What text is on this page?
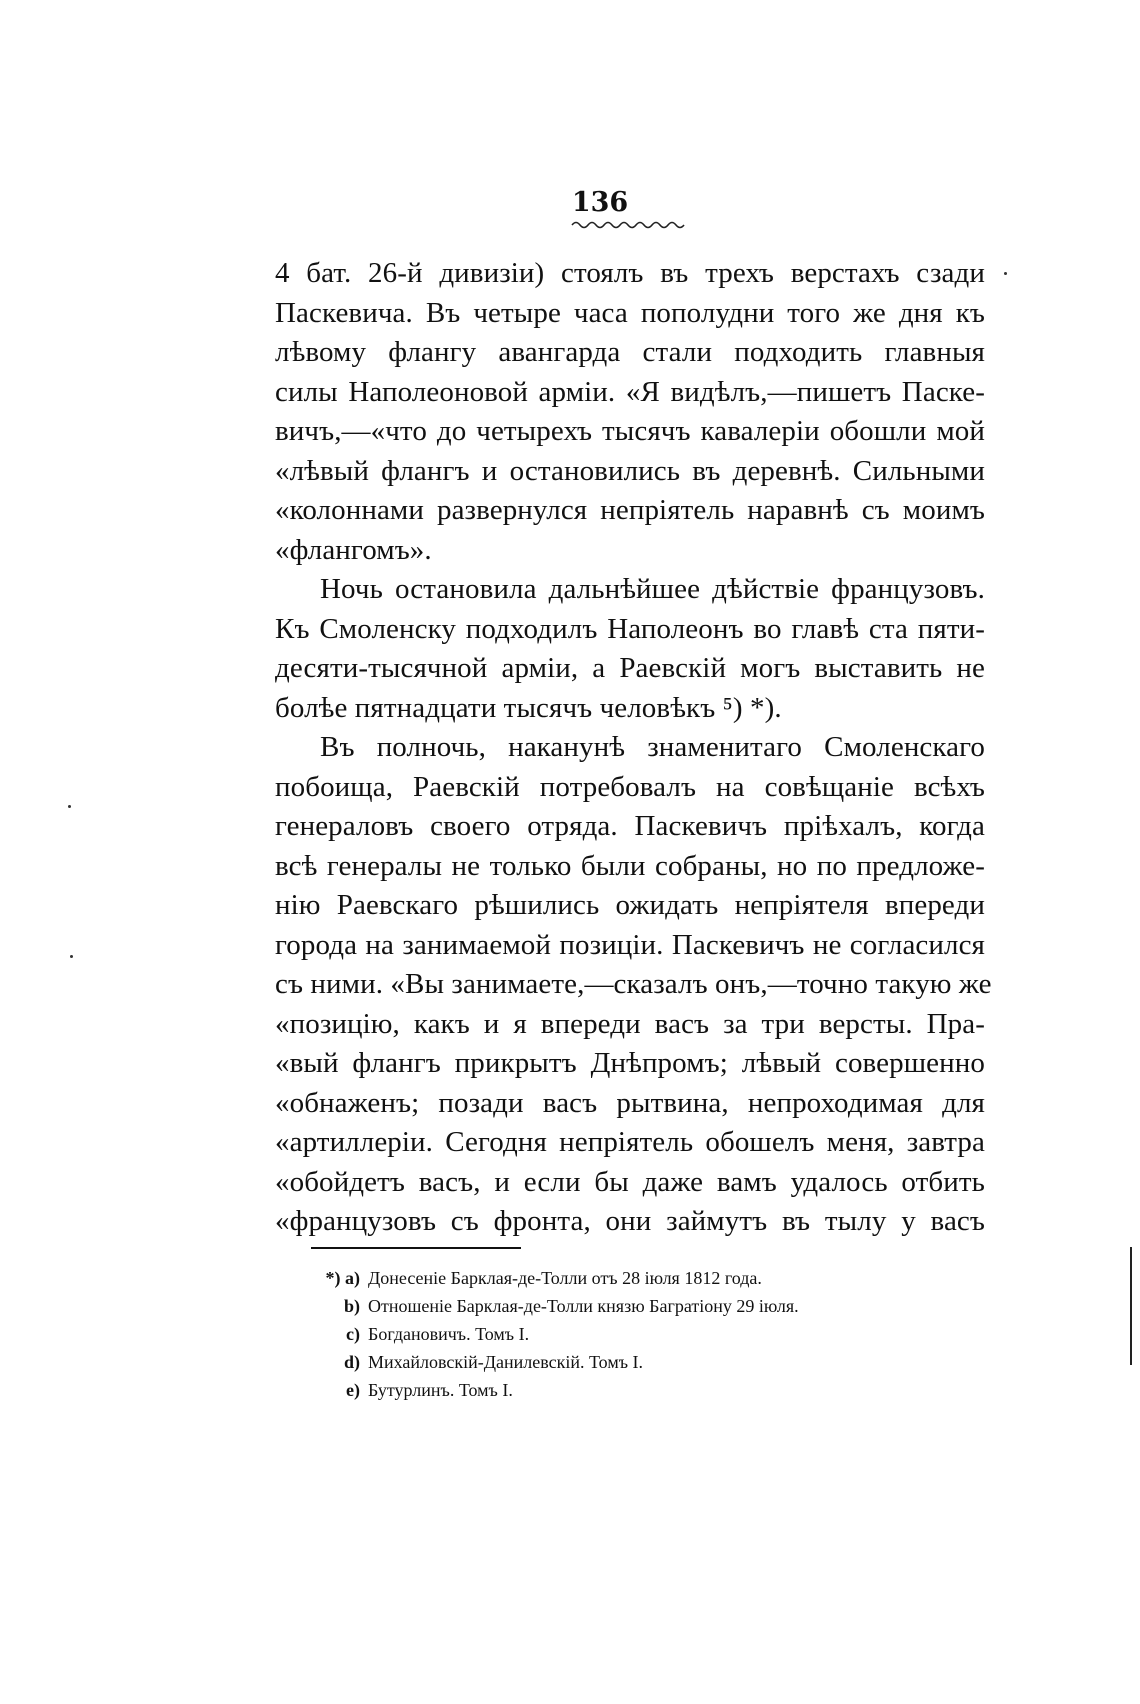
136
4 бат. 26-й дивизіи) стоялъ въ трехъ верстахъ сзади
Паскевича. Въ четыре часа пополудни того же дня къ
лѣвому флангу авангарда стали подходить главныя
силы Наполеоновой арміи. «Я видѣлъ,—пишетъ Паске-
вичъ,—«что до четырехъ тысячъ кавалеріи обошли мой
«лѣвый флангъ и остановились въ деревнѣ. Сильными
«колоннами развернулся непріятель наравнѣ съ моимъ
«флангомъ».
Ночь остановила дальнѣйшее дѣйствіе французовъ.
Къ Смоленску подходилъ Наполеонъ во главѣ ста пяти-
десяти-тысячной арміи, а Раевскій могъ выставить не
болѣе пятнадцати тысячъ человѣкъ ⁵) *).
Въ полночь, наканунѣ знаменитаго Смоленскаго
побоища, Раевскій потребовалъ на совѣщаніе всѣхъ
генераловъ своего отряда. Паскевичъ пріѣхалъ, когда
всѣ генералы не только были собраны, но по предложе-
нію Раевскаго рѣшились ожидать непріятеля впереди
города на занимаемой позиціи. Паскевичъ не согласился
съ ними. «Вы занимаете,—сказалъ онъ,—точно такую же
«позицію, какъ и я впереди васъ за три версты. Пра-
«вый флангъ прикрытъ Днѣпромъ; лѣвый совершенно
«обнаженъ; позади васъ рытвина, непроходимая для
«артиллеріи. Сегодня непріятель обошелъ меня, завтра
«обойдетъ васъ, и если бы даже вамъ удалось отбить
«французовъ съ фронта, они займутъ въ тылу у васъ
*) a) Донесеніе Барклая-де-Толли отъ 28 іюля 1812 года.
b) Отношеніе Барклая-де-Толли князю Багратіону 29 іюля.
c) Богдановичъ. Томъ I.
d) Михайловскій-Данилевскій. Томъ I.
e) Бутурлинъ. Томъ I.
